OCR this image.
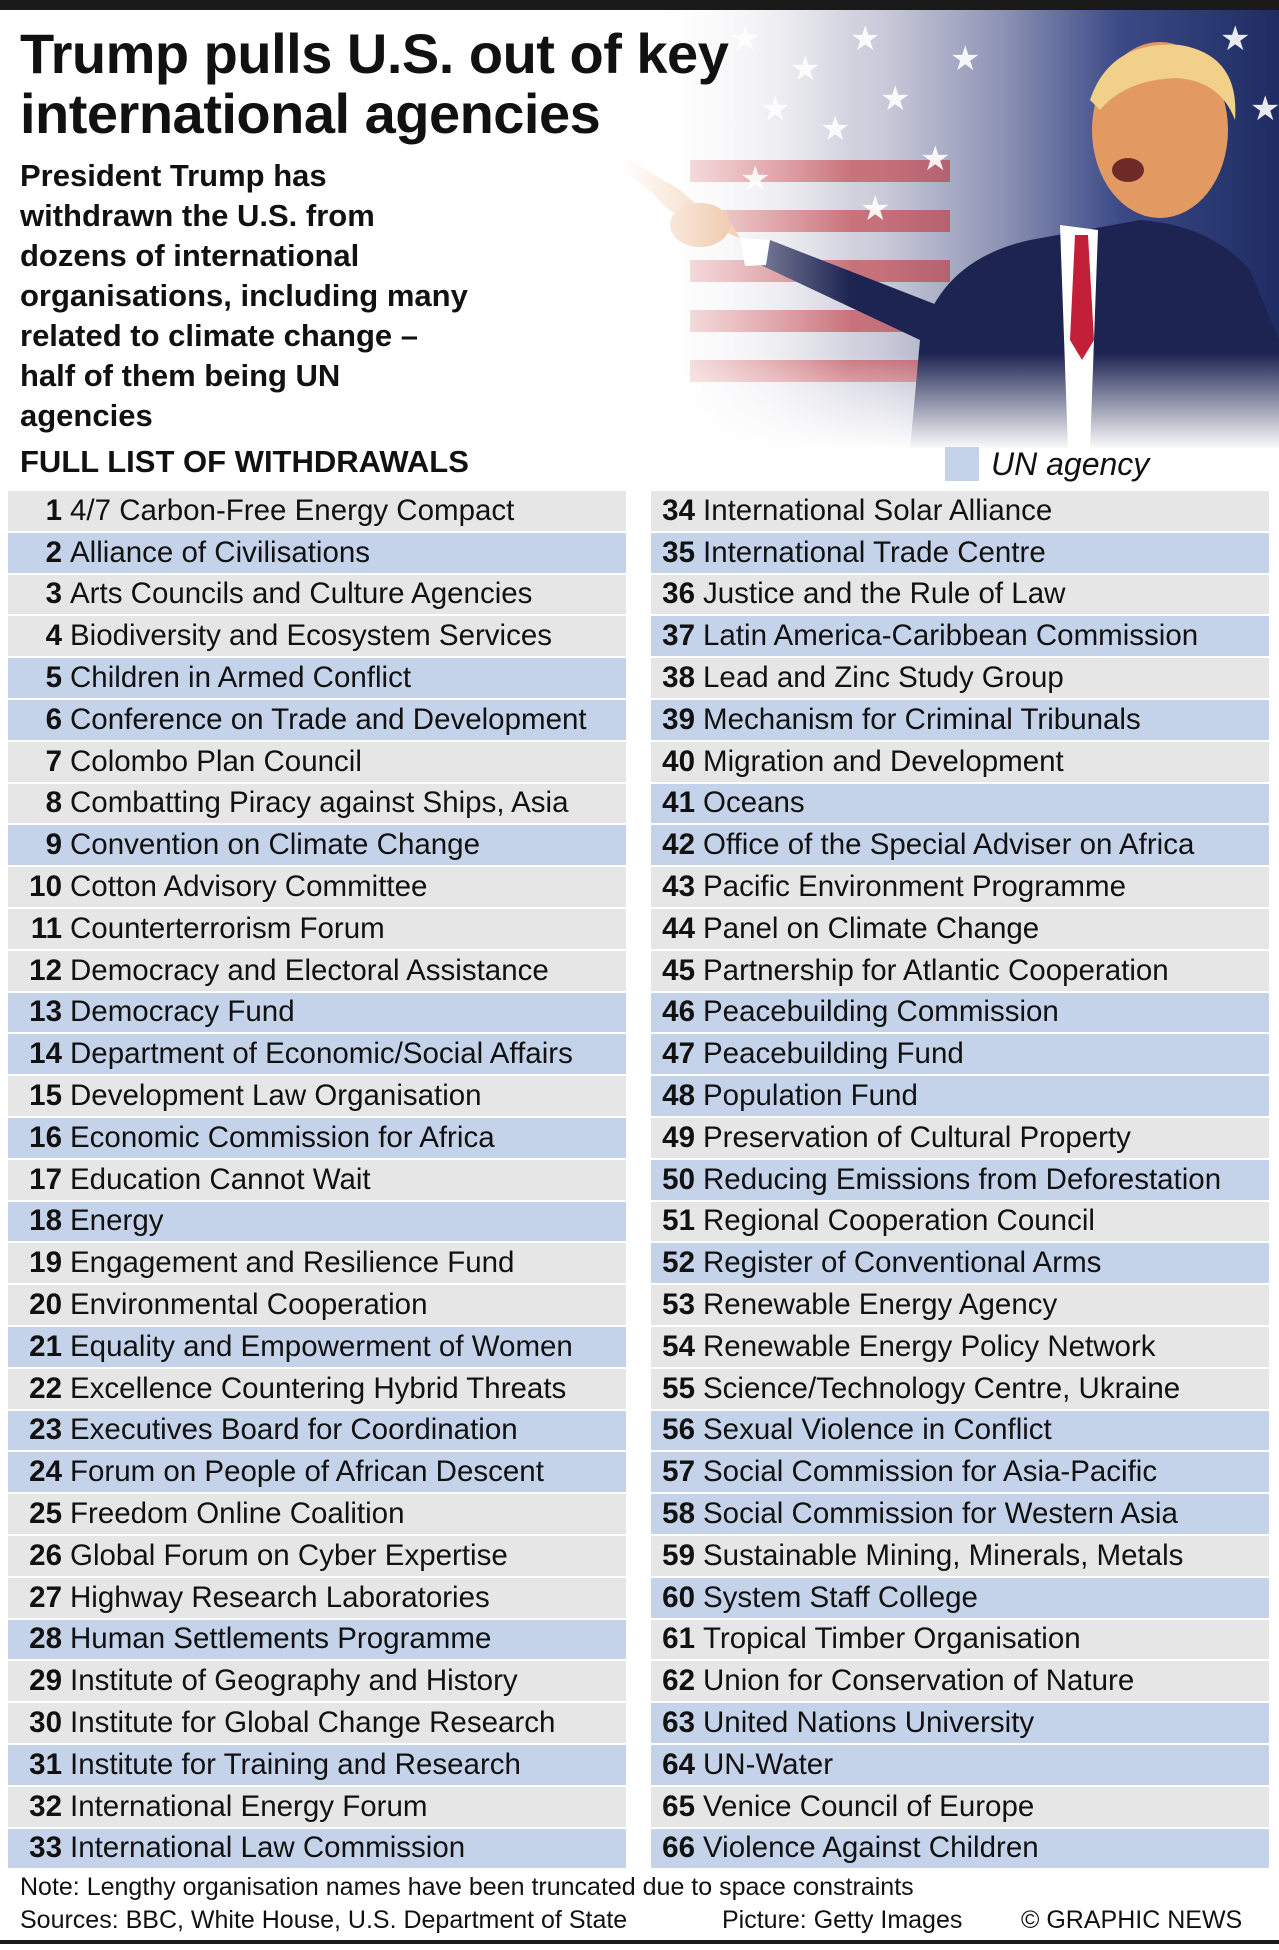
Trump pulls U.S. out of key international agencies

President Trump has withdrawn the U.S. from dozens of international organisations, including many related to climate change – half of them being UN agencies

FULL LIST OF WITHDRAWALS	UN agency
1 4/7 Carbon-Free Energy Compact
2 Alliance of Civilisations
3 Arts Councils and Culture Agencies
4 Biodiversity and Ecosystem Services
5 Children in Armed Conflict
6 Conference on Trade and Development
7 Colombo Plan Council
8 Combatting Piracy against Ships, Asia
9 Convention on Climate Change
10 Cotton Advisory Committee
11 Counterterrorism Forum
12 Democracy and Electoral Assistance
13 Democracy Fund
14 Department of Economic/Social Affairs
15 Development Law Organisation
16 Economic Commission for Africa
17 Education Cannot Wait
18 Energy
19 Engagement and Resilience Fund
20 Environmental Cooperation
21 Equality and Empowerment of Women
22 Excellence Countering Hybrid Threats
23 Executives Board for Coordination
24 Forum on People of African Descent
25 Freedom Online Coalition
26 Global Forum on Cyber Expertise
27 Highway Research Laboratories
28 Human Settlements Programme
29 Institute of Geography and History
30 Institute for Global Change Research
31 Institute for Training and Research
32 International Energy Forum
33 International Law Commission
34 International Solar Alliance
35 International Trade Centre
36 Justice and the Rule of Law
37 Latin America-Caribbean Commission
38 Lead and Zinc Study Group
39 Mechanism for Criminal Tribunals
40 Migration and Development
41 Oceans
42 Office of the Special Adviser on Africa
43 Pacific Environment Programme
44 Panel on Climate Change
45 Partnership for Atlantic Cooperation
46 Peacebuilding Commission
47 Peacebuilding Fund
48 Population Fund
49 Preservation of Cultural Property
50 Reducing Emissions from Deforestation
51 Regional Cooperation Council
52 Register of Conventional Arms
53 Renewable Energy Agency
54 Renewable Energy Policy Network
55 Science/Technology Centre, Ukraine
56 Sexual Violence in Conflict
57 Social Commission for Asia-Pacific
58 Social Commission for Western Asia
59 Sustainable Mining, Minerals, Metals
60 System Staff College
61 Tropical Timber Organisation
62 Union for Conservation of Nature
63 United Nations University
64 UN-Water
65 Venice Council of Europe
66 Violence Against Children
Note: Lengthy organisation names have been truncated due to space constraints
Sources: BBC, White House, U.S. Department of State	Picture: Getty Images © GRAPHIC NEWS
